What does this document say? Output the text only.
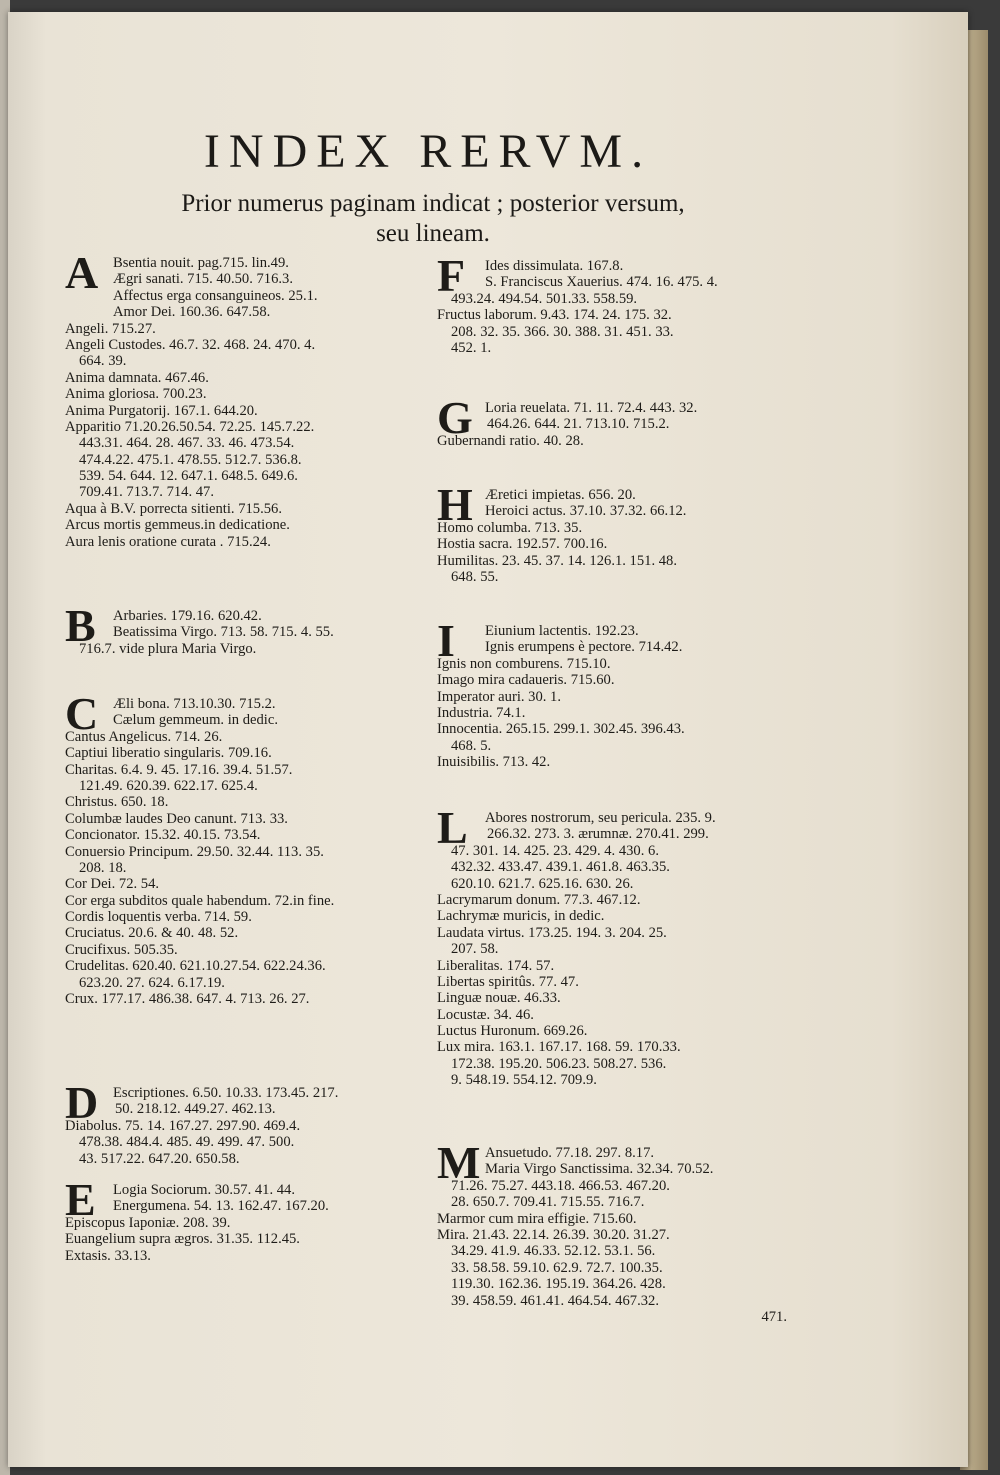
INDEX RERVM.
Prior numerus paginam indicat ; posterior versum,
seu lineam.
A	Bsentia nouit. pag.715. lin.49.
Ægri sanati. 715. 40.50. 716.3.
Affectus erga consanguineos. 25.1.
Amor Dei. 160.36. 647.58.
Angeli. 715.27.
Angeli Custodes. 46.7. 32. 468. 24. 470. 4.
664. 39.
Anima damnata. 467.46.
Anima gloriosa. 700.23.
Anima Purgatorij. 167.1. 644.20.
Apparitio 71.20.26.50.54. 72.25. 145.7.22.
443.31. 464. 28. 467. 33. 46. 473.54.
474.4.22. 475.1. 478.55. 512.7. 536.8.
539. 54. 644. 12. 647.1. 648.5. 649.6.
709.41. 713.7. 714. 47.
Aqua à B.V. porrecta sitienti. 715.56.
Arcus mortis gemmeus.in dedicatione.
Aura lenis oratione curata . 715.24.
B	Arbaries. 179.16. 620.42.
Beatissima Virgo. 713. 58. 715. 4. 55.
716.7. vide plura Maria Virgo.
C	Æli bona. 713.10.30. 715.2.
Cælum gemmeum. in dedic.
Cantus Angelicus. 714. 26.
Captiui liberatio singularis. 709.16.
Charitas. 6.4. 9. 45. 17.16. 39.4. 51.57.
121.49. 620.39. 622.17. 625.4.
Christus. 650. 18.
Columbæ laudes Deo canunt. 713. 33.
Concionator. 15.32. 40.15. 73.54.
Conuersio Principum. 29.50. 32.44. 113. 35.
208. 18.
Cor Dei. 72. 54.
Cor erga subditos quale habendum. 72.in fine.
Cordis loquentis verba. 714. 59.
Cruciatus. 20.6. & 40. 48. 52.
Crucifixus. 505.35.
Crudelitas. 620.40. 621.10.27.54. 622.24.36.
623.20. 27. 624. 6.17.19.
Crux. 177.17. 486.38. 647. 4. 713. 26. 27.
D	Escriptiones. 6.50. 10.33. 173.45. 217.
50. 218.12. 449.27. 462.13.
Diabolus. 75. 14. 167.27. 297.90. 469.4.
478.38. 484.4. 485. 49. 499. 47. 500.
43. 517.22. 647.20. 650.58.
E	Logia Sociorum. 30.57. 41. 44.
Energumena. 54. 13. 162.47. 167.20.
Episcopus Iaponiæ. 208. 39.
Euangelium supra ægros. 31.35. 112.45.
Extasis. 33.13.
F	Ides dissimulata. 167.8.
S. Franciscus Xauerius. 474. 16. 475. 4.
493.24. 494.54. 501.33. 558.59.
Fructus laborum. 9.43. 174. 24. 175. 32.
208. 32. 35. 366. 30. 388. 31. 451. 33.
452. 1.
G Loria reuelata. 71. 11. 72.4. 443. 32.
464.26. 644. 21. 713.10. 715.2.
Gubernandi ratio. 40. 28.
H Æretici impietas. 656. 20.
Heroici actus. 37.10. 37.32. 66.12.
Homo columba. 713. 35.
Hostia sacra. 192.57. 700.16.
Humilitas. 23. 45. 37. 14. 126.1. 151. 48.
648. 55.
I	Eiunium lactentis. 192.23.
Ignis erumpens è pectore. 714.42.
Ignis non comburens. 715.10.
Imago mira cadaueris. 715.60.
Imperator auri. 30. 1.
Industria. 74.1.
Innocentia. 265.15. 299.1. 302.45. 396.43.
468. 5.
Inuisibilis. 713. 42.
L	Abores nostrorum, seu pericula. 235. 9.
266.32. 273. 3. ærumnæ. 270.41. 299.
47. 301. 14. 425. 23. 429. 4. 430. 6.
432.32. 433.47. 439.1. 461.8. 463.35.
620.10. 621.7. 625.16. 630. 26.
Lacrymarum donum. 77.3. 467.12.
Lachrymæ muricis, in dedic.
Laudata virtus. 173.25. 194. 3. 204. 25.
207. 58.
Liberalitas. 174. 57.
Libertas spiritûs. 77. 47.
Linguæ nouæ. 46.33.
Locustæ. 34. 46.
Luctus Huronum. 669.26.
Lux mira. 163.1. 167.17. 168. 59. 170.33.
172.38. 195.20. 506.23. 508.27. 536.
9. 548.19. 554.12. 709.9.
M Ansuetudo. 77.18. 297. 8.17.
Maria Virgo Sanctissima. 32.34. 70.52.
71.26. 75.27. 443.18. 466.53. 467.20.
28. 650.7. 709.41. 715.55. 716.7.
Marmor cum mira effigie. 715.60.
Mira. 21.43. 22.14. 26.39. 30.20. 31.27.
34.29. 41.9. 46.33. 52.12. 53.1. 56.
33. 58.58. 59.10. 62.9. 72.7. 100.35.
119.30. 162.36. 195.19. 364.26. 428.
39. 458.59. 461.41. 464.54. 467.32.
471.
